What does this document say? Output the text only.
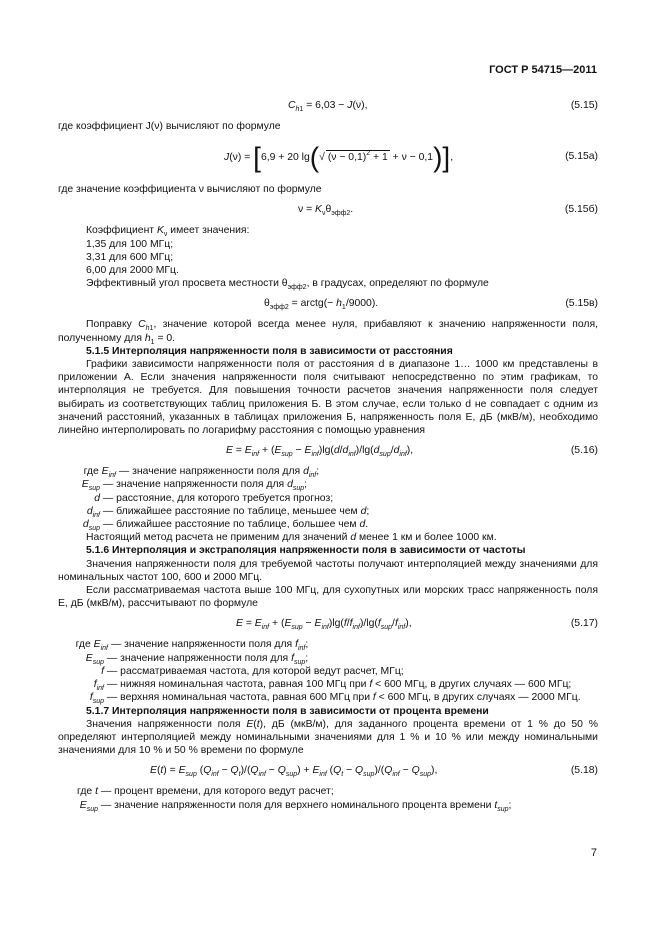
ГОСТ Р 54715—2011
$C_{h1} = 6,03 - J(\nu)$,	(5.15)

где коэффициент J(ν) вычисляют по формуле

J(ν) = [6,9 + 20 lg(√ $(\nu - 0,1)^2 + 1 + \nu - 0,1$)],	(5.15а)

где значение коэффициента ν вычисляют по формуле

$\nu = K_\nu\theta_{эфф2}$.	(5.15б)
Коэффициент $K_\nu$ имеет значения:
1,35 для 100 МГц;
3,31 для 600 МГц;
6,00 для 2000 МГц.
Эффективный угол просвета местности $\theta_{эфф2}$, в градусах, определяют по формуле
$\theta_{эфф2}$ = arctg(− $h_1/9000$).	(5.15в)

Поправку $C_{h1}$, значение которой всегда менее нуля, прибавляют к значению напряженности поля, полученному для $h_1 = 0$.

5.1.5 Интерполяция напряженности поля в зависимости от расстояния

Графики зависимости напряженности поля от расстояния d в диапазоне 1… 1000 км представлены в приложении А. Если значения напряженности поля считывают непосредственно по этим графикам, то интерполяция не требуется. Для повышения точности расчетов значения напряженности поля следует выбирать из соответствующих таблиц приложения Б. В этом случае, если только d не совпадает с одним из значений расстояний, указанных в таблицах приложения Б, напряженность поля E, дБ (мкВ/м), необходимо линейно интерполировать по логарифму расстояния с помощью уравнения

$E = E_{inf} + (E_{sup} - E_{inf})\lg(d/d_{inf})/\lg(d_{sup}/d_{inf})$,	(5.16)
где $E_{inf}$ — значение напряженности поля для $d_{inf}$;
$E_{sup}$ — значение напряженности поля для $d_{sup}$;
d — расстояние, для которого требуется прогноз;
$d_{inf}$ — ближайшее расстояние по таблице, меньшее чем d;
$d_{sup}$ — ближайшее расстояние по таблице, большее чем d.

Настоящий метод расчета не применим для значений d менее 1 км и более 1000 км.

5.1.6 Интерполяция и экстраполяция напряженности поля в зависимости от частоты

Значения напряженности поля для требуемой частоты получают интерполяцией между значениями для номинальных частот 100, 600 и 2000 МГц.

Если рассматриваемая частота выше 100 МГц, для сухопутных или морских трасс напряженность поля E, дБ (мкВ/м), рассчитывают по формуле

$E = E_{inf} + (E_{sup} - E_{inf})\lg(f/f_{inf})/\lg(f_{sup}/f_{inf})$,	(5.17)
где $E_{inf}$ — значение напряженности поля для $f_{inf}$;
$E_{sup}$ — значение напряженности поля для $f_{sup}$;
f — рассматриваемая частота, для которой ведут расчет, МГц;
$f_{inf}$ — нижняя номинальная частота, равная 100 МГц при f < 600 МГц, в других случаях — 600 МГц;
$f_{sup}$ — верхняя номинальная частота, равная 600 МГц при f < 600 МГц, в других случаях — 2000 МГц.
5.1.7 Интерполяция напряженности поля в зависимости от процента времени

Значения напряженности поля E(t), дБ (мкВ/м), для заданного процента времени от 1 % до 50 % определяют интерполяцией между номинальными значениями для 1 % и 10 % или между номинальными значениями для 10 % и 50 % времени по формуле

$E(t) = E_{sup}$ $(Q_{inf} - Q_t)/(Q_{inf} - Q_{sup}) + E_{inf}$ $(Q_t - Q_{sup})/(Q_{inf} - Q_{sup})$,	(5.18)
где t — процент времени, для которого ведут расчет;
$E_{sup}$ — значение напряженности поля для верхнего номинального процента времени $t_{sup}$;
7
